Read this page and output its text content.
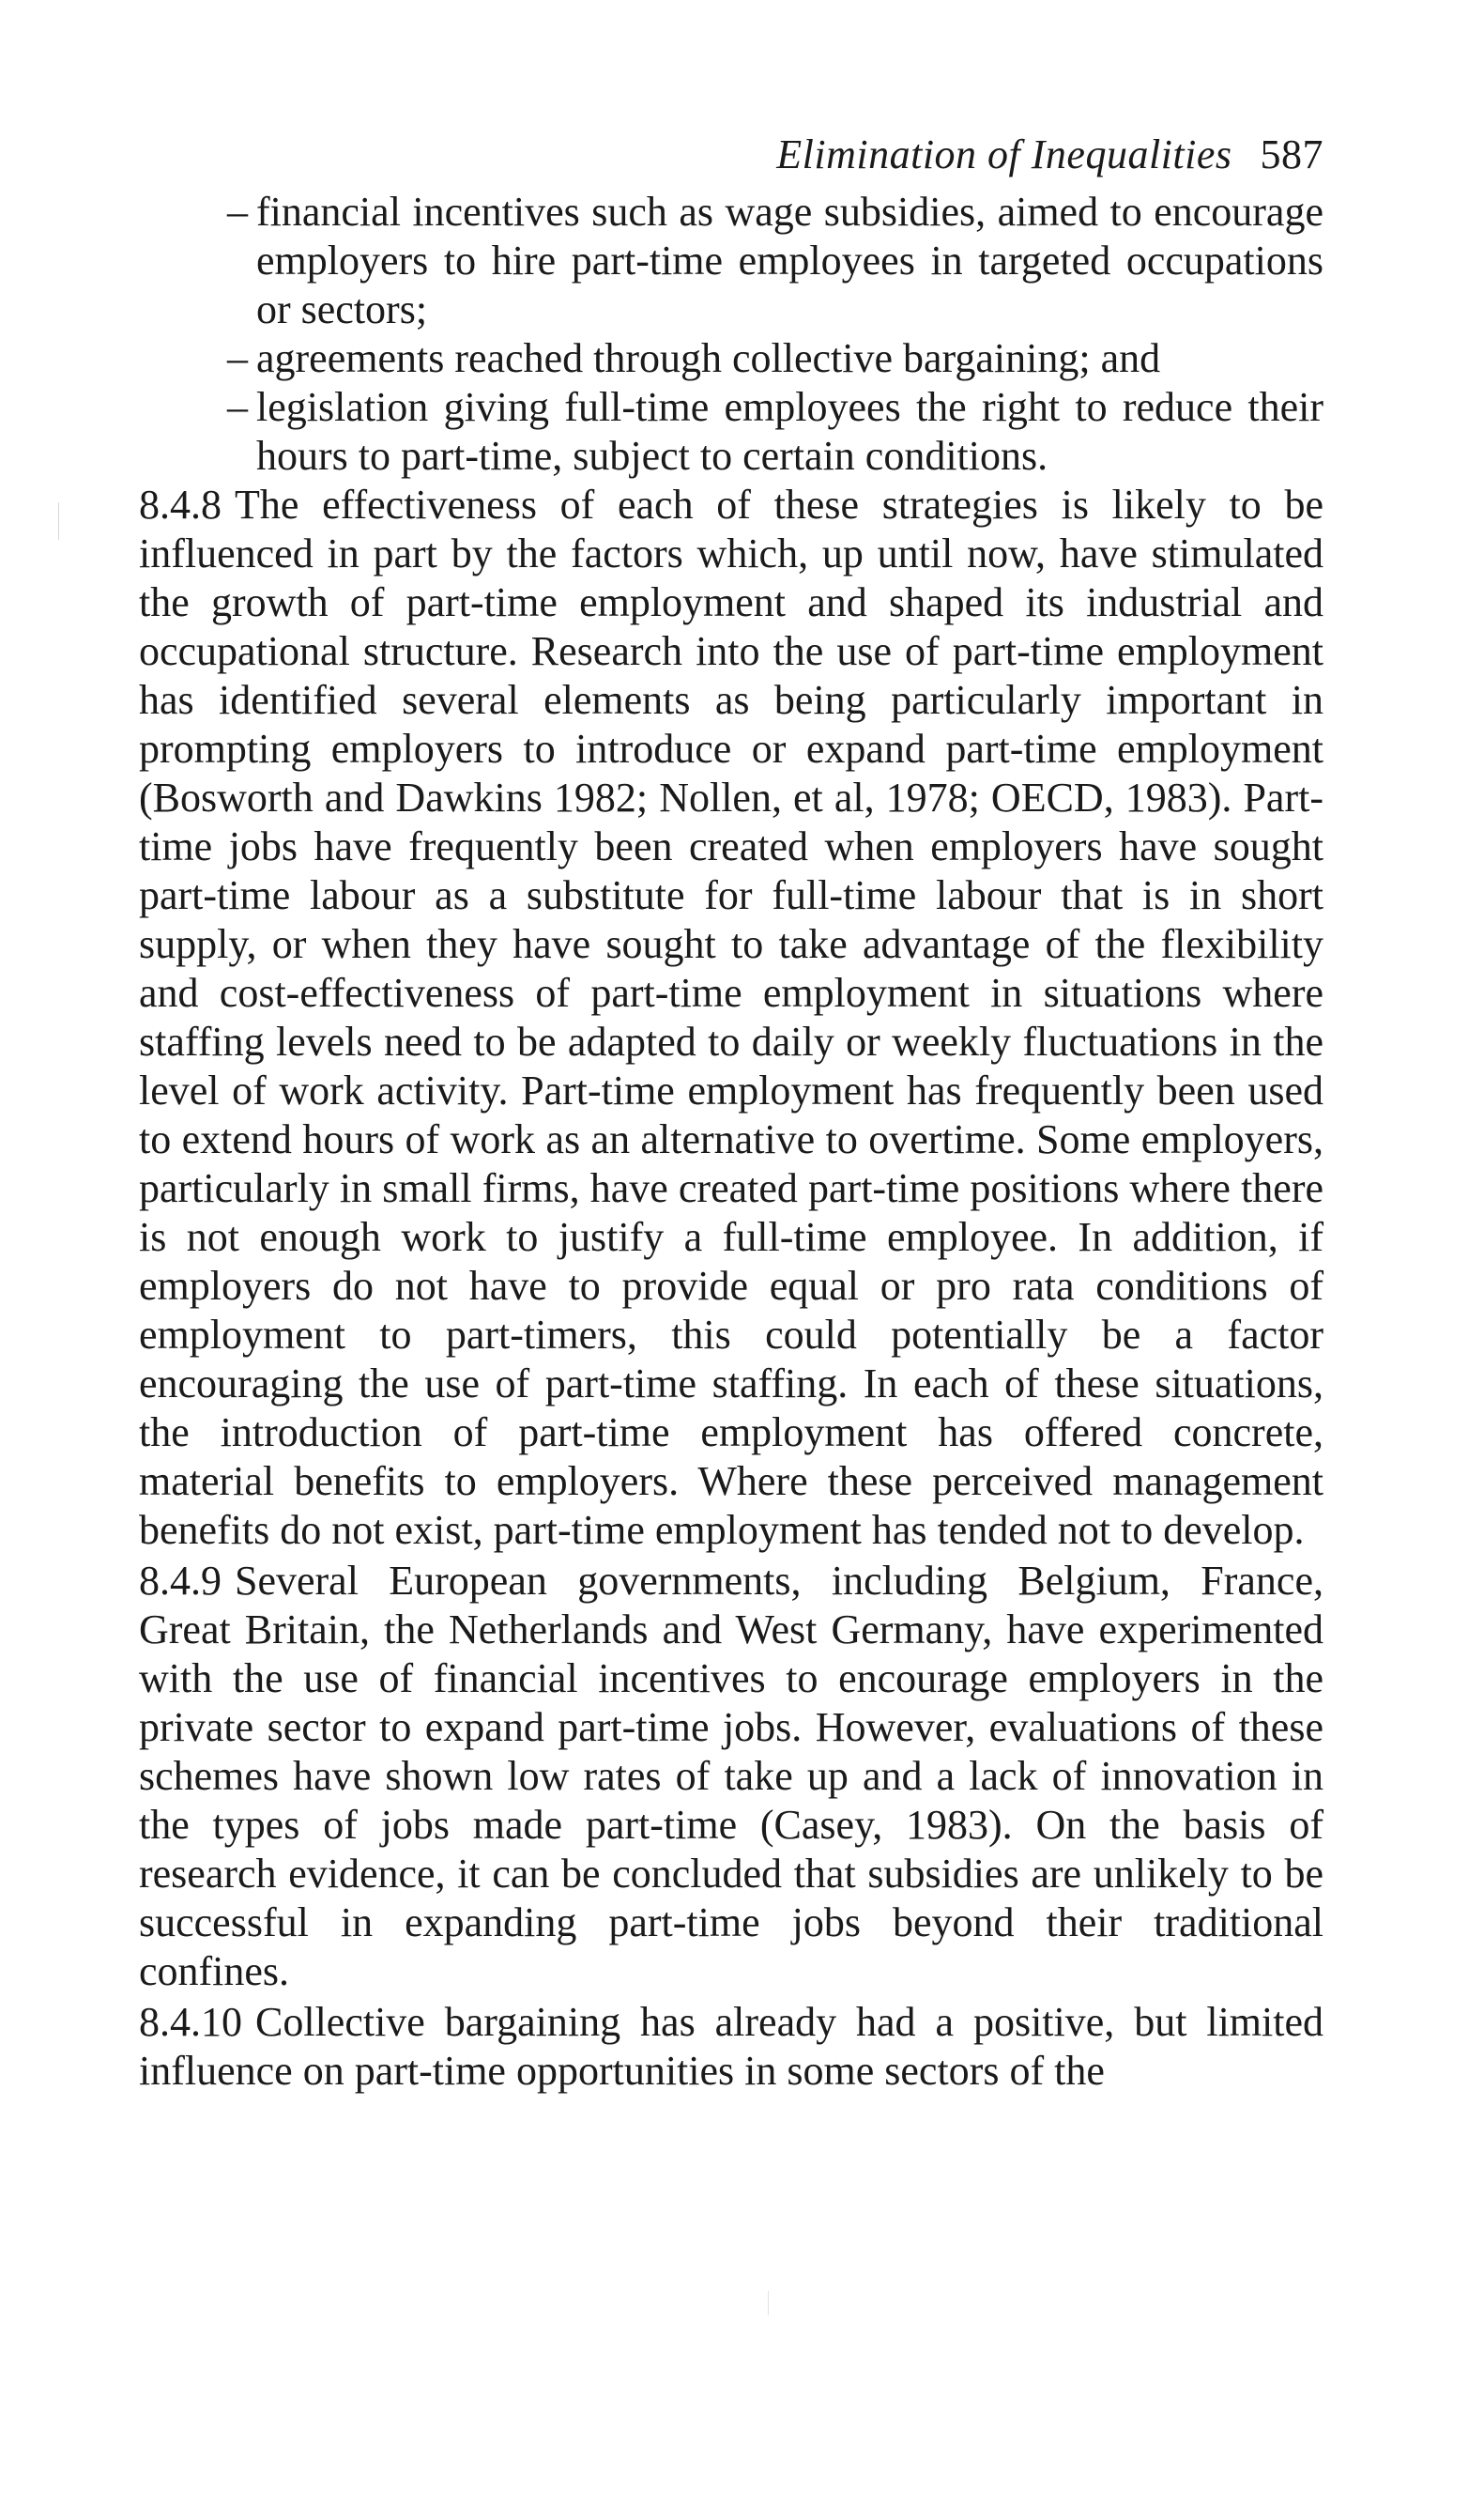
Elimination of Inequalities 587
– financial incentives such as wage subsidies, aimed to encourage employers to hire part-time employees in targeted occupations or sectors;
– agreements reached through collective bargaining; and
– legislation giving full-time employees the right to reduce their hours to part-time, subject to certain conditions.

8.4.8 The effectiveness of each of these strategies is likely to be influenced in part by the factors which, up until now, have stimulated the growth of part-time employment and shaped its industrial and occupational structure. Research into the use of part-time employment has identified several elements as being particularly important in prompting employers to introduce or expand part-time employment (Bosworth and Dawkins 1982; Nollen, et al, 1978; OECD, 1983). Part-time jobs have frequently been created when employers have sought part-time labour as a substitute for full-time labour that is in short supply, or when they have sought to take advantage of the flexibility and cost-effectiveness of part-time employment in situations where staffing levels need to be adapted to daily or weekly fluctuations in the level of work activity. Part-time employment has frequently been used to extend hours of work as an alternative to overtime. Some employers, particularly in small firms, have created part-time positions where there is not enough work to justify a full-time employee. In addition, if employers do not have to provide equal or pro rata conditions of employment to part-timers, this could potentially be a factor encouraging the use of part-time staffing. In each of these situations, the introduction of part-time employment has offered concrete, material benefits to employers. Where these perceived management benefits do not exist, part-time employment has tended not to develop.

8.4.9 Several European governments, including Belgium, France, Great Britain, the Netherlands and West Germany, have experimented with the use of financial incentives to encourage employers in the private sector to expand part-time jobs. However, evaluations of these schemes have shown low rates of take up and a lack of innovation in the types of jobs made part-time (Casey, 1983). On the basis of research evidence, it can be concluded that subsidies are unlikely to be successful in expanding part-time jobs beyond their traditional confines.

8.4.10 Collective bargaining has already had a positive, but limited influence on part-time opportunities in some sectors of the
